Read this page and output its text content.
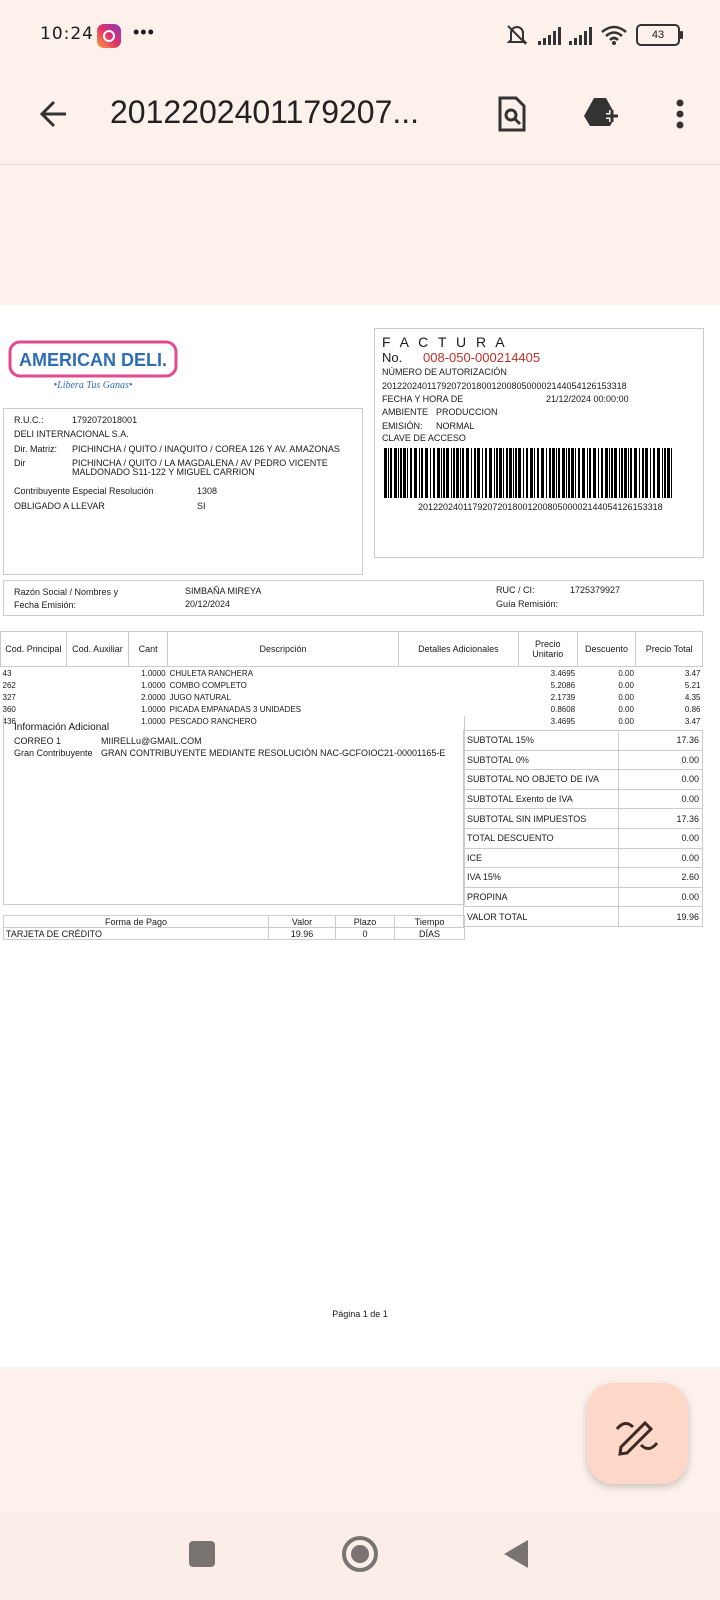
10:24 •••	43
2012202401179207...
AMERICAN DELI.
•Libera Tus Ganas•
R.U.C.:	1792072018001
DELI INTERNACIONAL S.A.
Dir. Matriz: PICHINCHA / QUITO / INAQUITO / COREA 126 Y AV. AMAZONAS
Dir	PICHINCHA / QUITO / LA MAGDALENA / AV PEDRO VICENTE
MALDONADO S11-122 Y MIGUEL CARRION
Contribuyente Especial Resolución	1308
OBLIGADO A LLEVAR	SI
F A C T U R A
No. 008-050-000214405
NÚMERO DE AUTORIZACIÓN
2012202401179207201800120080500002144054126153318
FECHA Y HORA DE	21/12/2024 00:00:00
AMBIENTE PRODUCCION
EMISIÓN: NORMAL
CLAVE DE ACCESO
2012202401179207201800120080500002144054126153318
Razón Social / Nombres y	SIMBAÑA MIREYA	RUC / CI:	1725379927
Fecha Emisión:	20/12/2024	Guía Remisión:
Cod. Principal	Cod. Auxiliar	Cant	Descripción	Detalles Adicionales	Precio
Unitario	Descuento	Precio Total
43		1.0000	CHULETA RANCHERA		3.4695	0.00	3.47
262		1.0000	COMBO COMPLETO		5.2086	0.00	5.21
327		2.0000	JUGO NATURAL		2.1739	0.00	4.35
360		1.0000	PICADA EMPANADAS 3 UNIDADES		0.8608	0.00	0.86
436		1.0000	PESCADO RANCHERO		3.4695	0.00	3.47
Información Adicional
CORREO 1	MIIRELLu@GMAIL.COM
Gran Contribuyente GRAN CONTRIBUYENTE MEDIANTE RESOLUCIÓN NAC-GCFOIOC21-00001165-E
SUBTOTAL 15%	17.36
SUBTOTAL 0%	0.00
SUBTOTAL NO OBJETO DE IVA	0.00
SUBTOTAL Exento de IVA	0.00
SUBTOTAL SIN IMPUESTOS	17.36
TOTAL DESCUENTO	0.00
ICE	0.00
IVA 15%	2.60
PROPINA	0.00
VALOR TOTAL	19.96
Forma de Pago	Valor	Plazo	Tiempo
TARJETA DE CRÉDITO	19.96	0	DÍAS
Página 1 de 1
